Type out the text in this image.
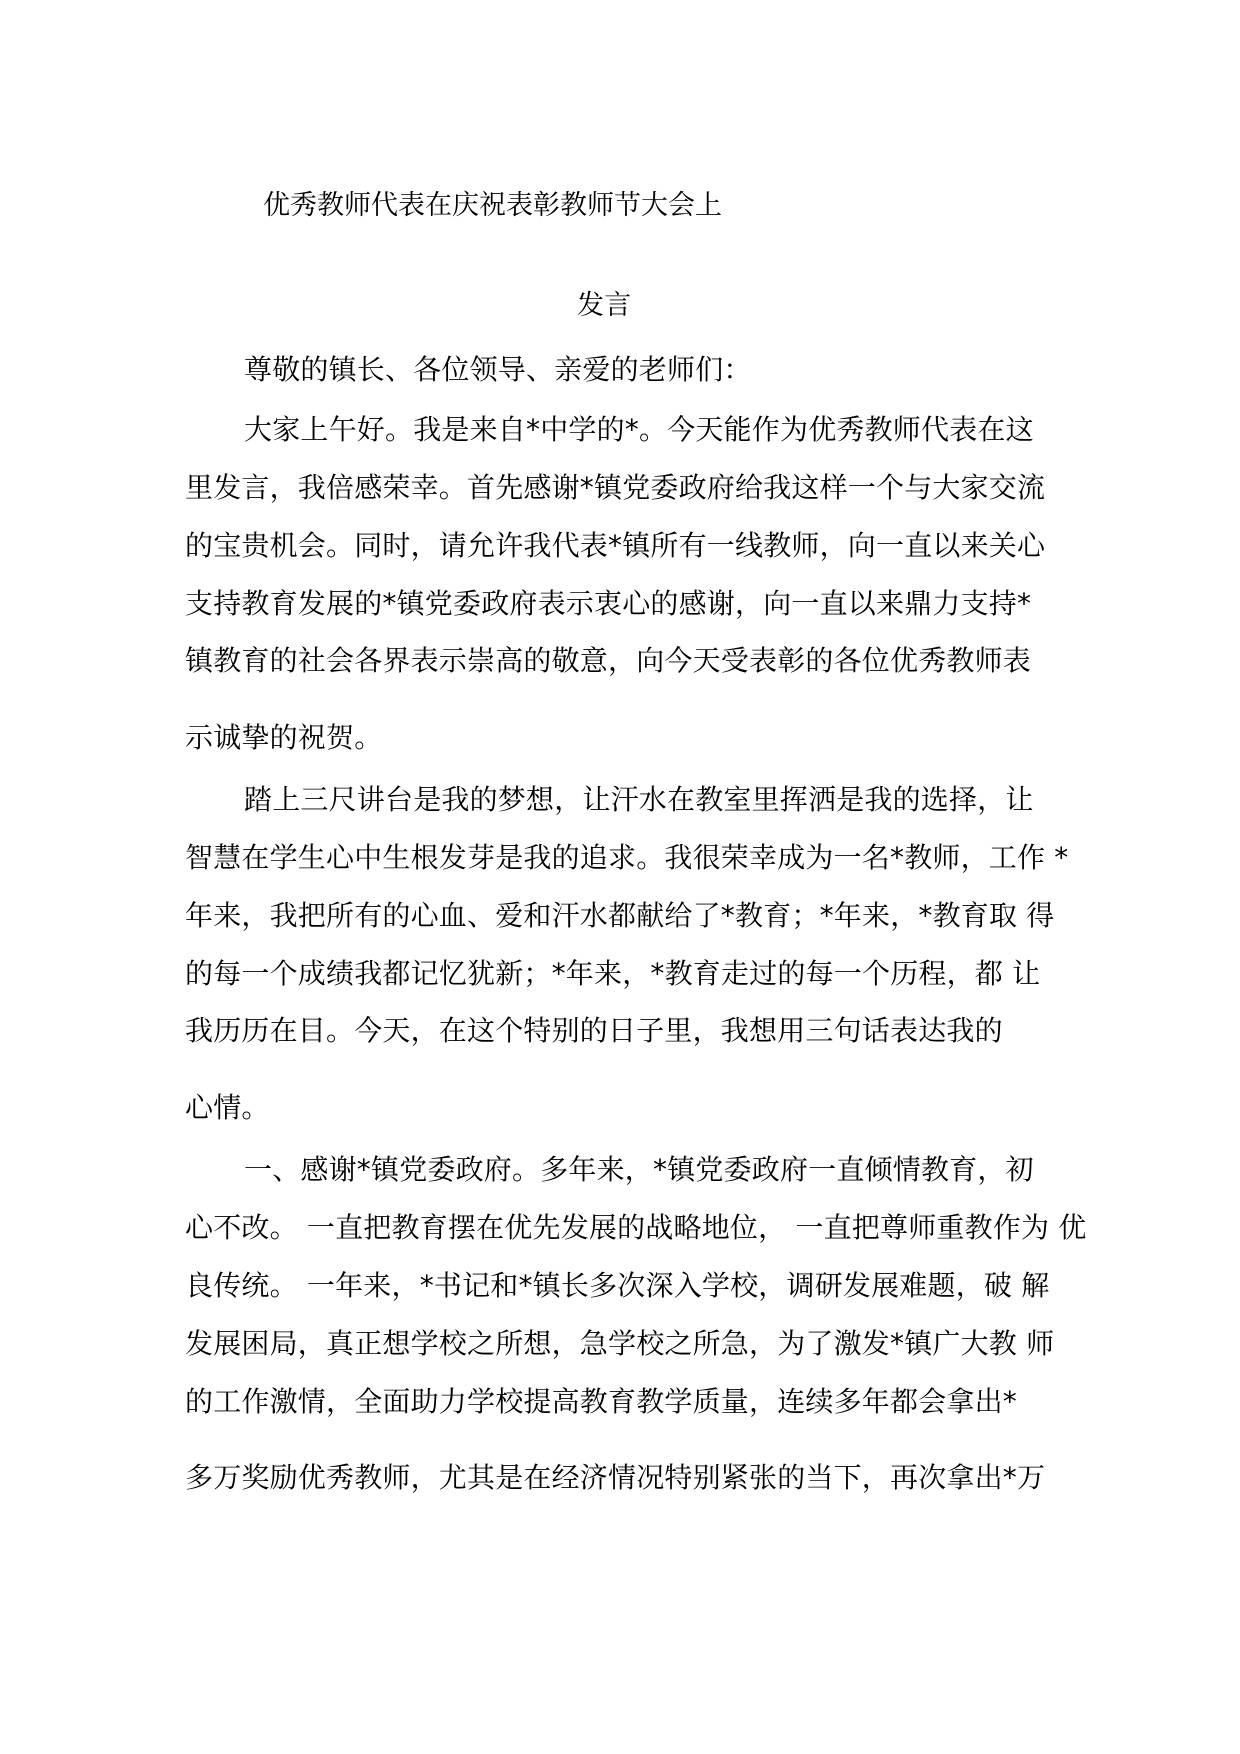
优秀教师代表在庆祝表彰教师节大会上

发言

尊敬的镇长、各位领导、亲爱的老师们：

大家上午好。我是来自*中学的*。今天能作为优秀教师代表在这

里发言，我倍感荣幸。首先感谢*镇党委政府给我这样一个与大家交流

的宝贵机会。同时，请允许我代表*镇所有一线教师，向一直以来关心

支持教育发展的*镇党委政府表示衷心的感谢，向一直以来鼎力支持*

镇教育的社会各界表示崇高的敬意，向今天受表彰的各位优秀教师表

示诚挚的祝贺。

踏上三尺讲台是我的梦想，让汗水在教室里挥洒是我的选择，让

智慧在学生心中生根发芽是我的追求。我很荣幸成为一名*教师，工作 *

年来，我把所有的心血、爱和汗水都献给了*教育；*年来，*教育取 得

的每一个成绩我都记忆犹新；*年来，*教育走过的每一个历程，都 让

我历历在目。今天，在这个特别的日子里，我想用三句话表达我的

心情。

一、感谢*镇党委政府。多年来，*镇党委政府一直倾情教育，初

心不改。 一直把教育摆在优先发展的战略地位， 一直把尊师重教作为 优

良传统。 一年来，*书记和*镇长多次深入学校，调研发展难题，破 解

发展困局，真正想学校之所想，急学校之所急，为了激发*镇广大教 师

的工作激情，全面助力学校提高教育教学质量，连续多年都会拿出*

多万奖励优秀教师，尤其是在经济情况特别紧张的当下，再次拿出*万
